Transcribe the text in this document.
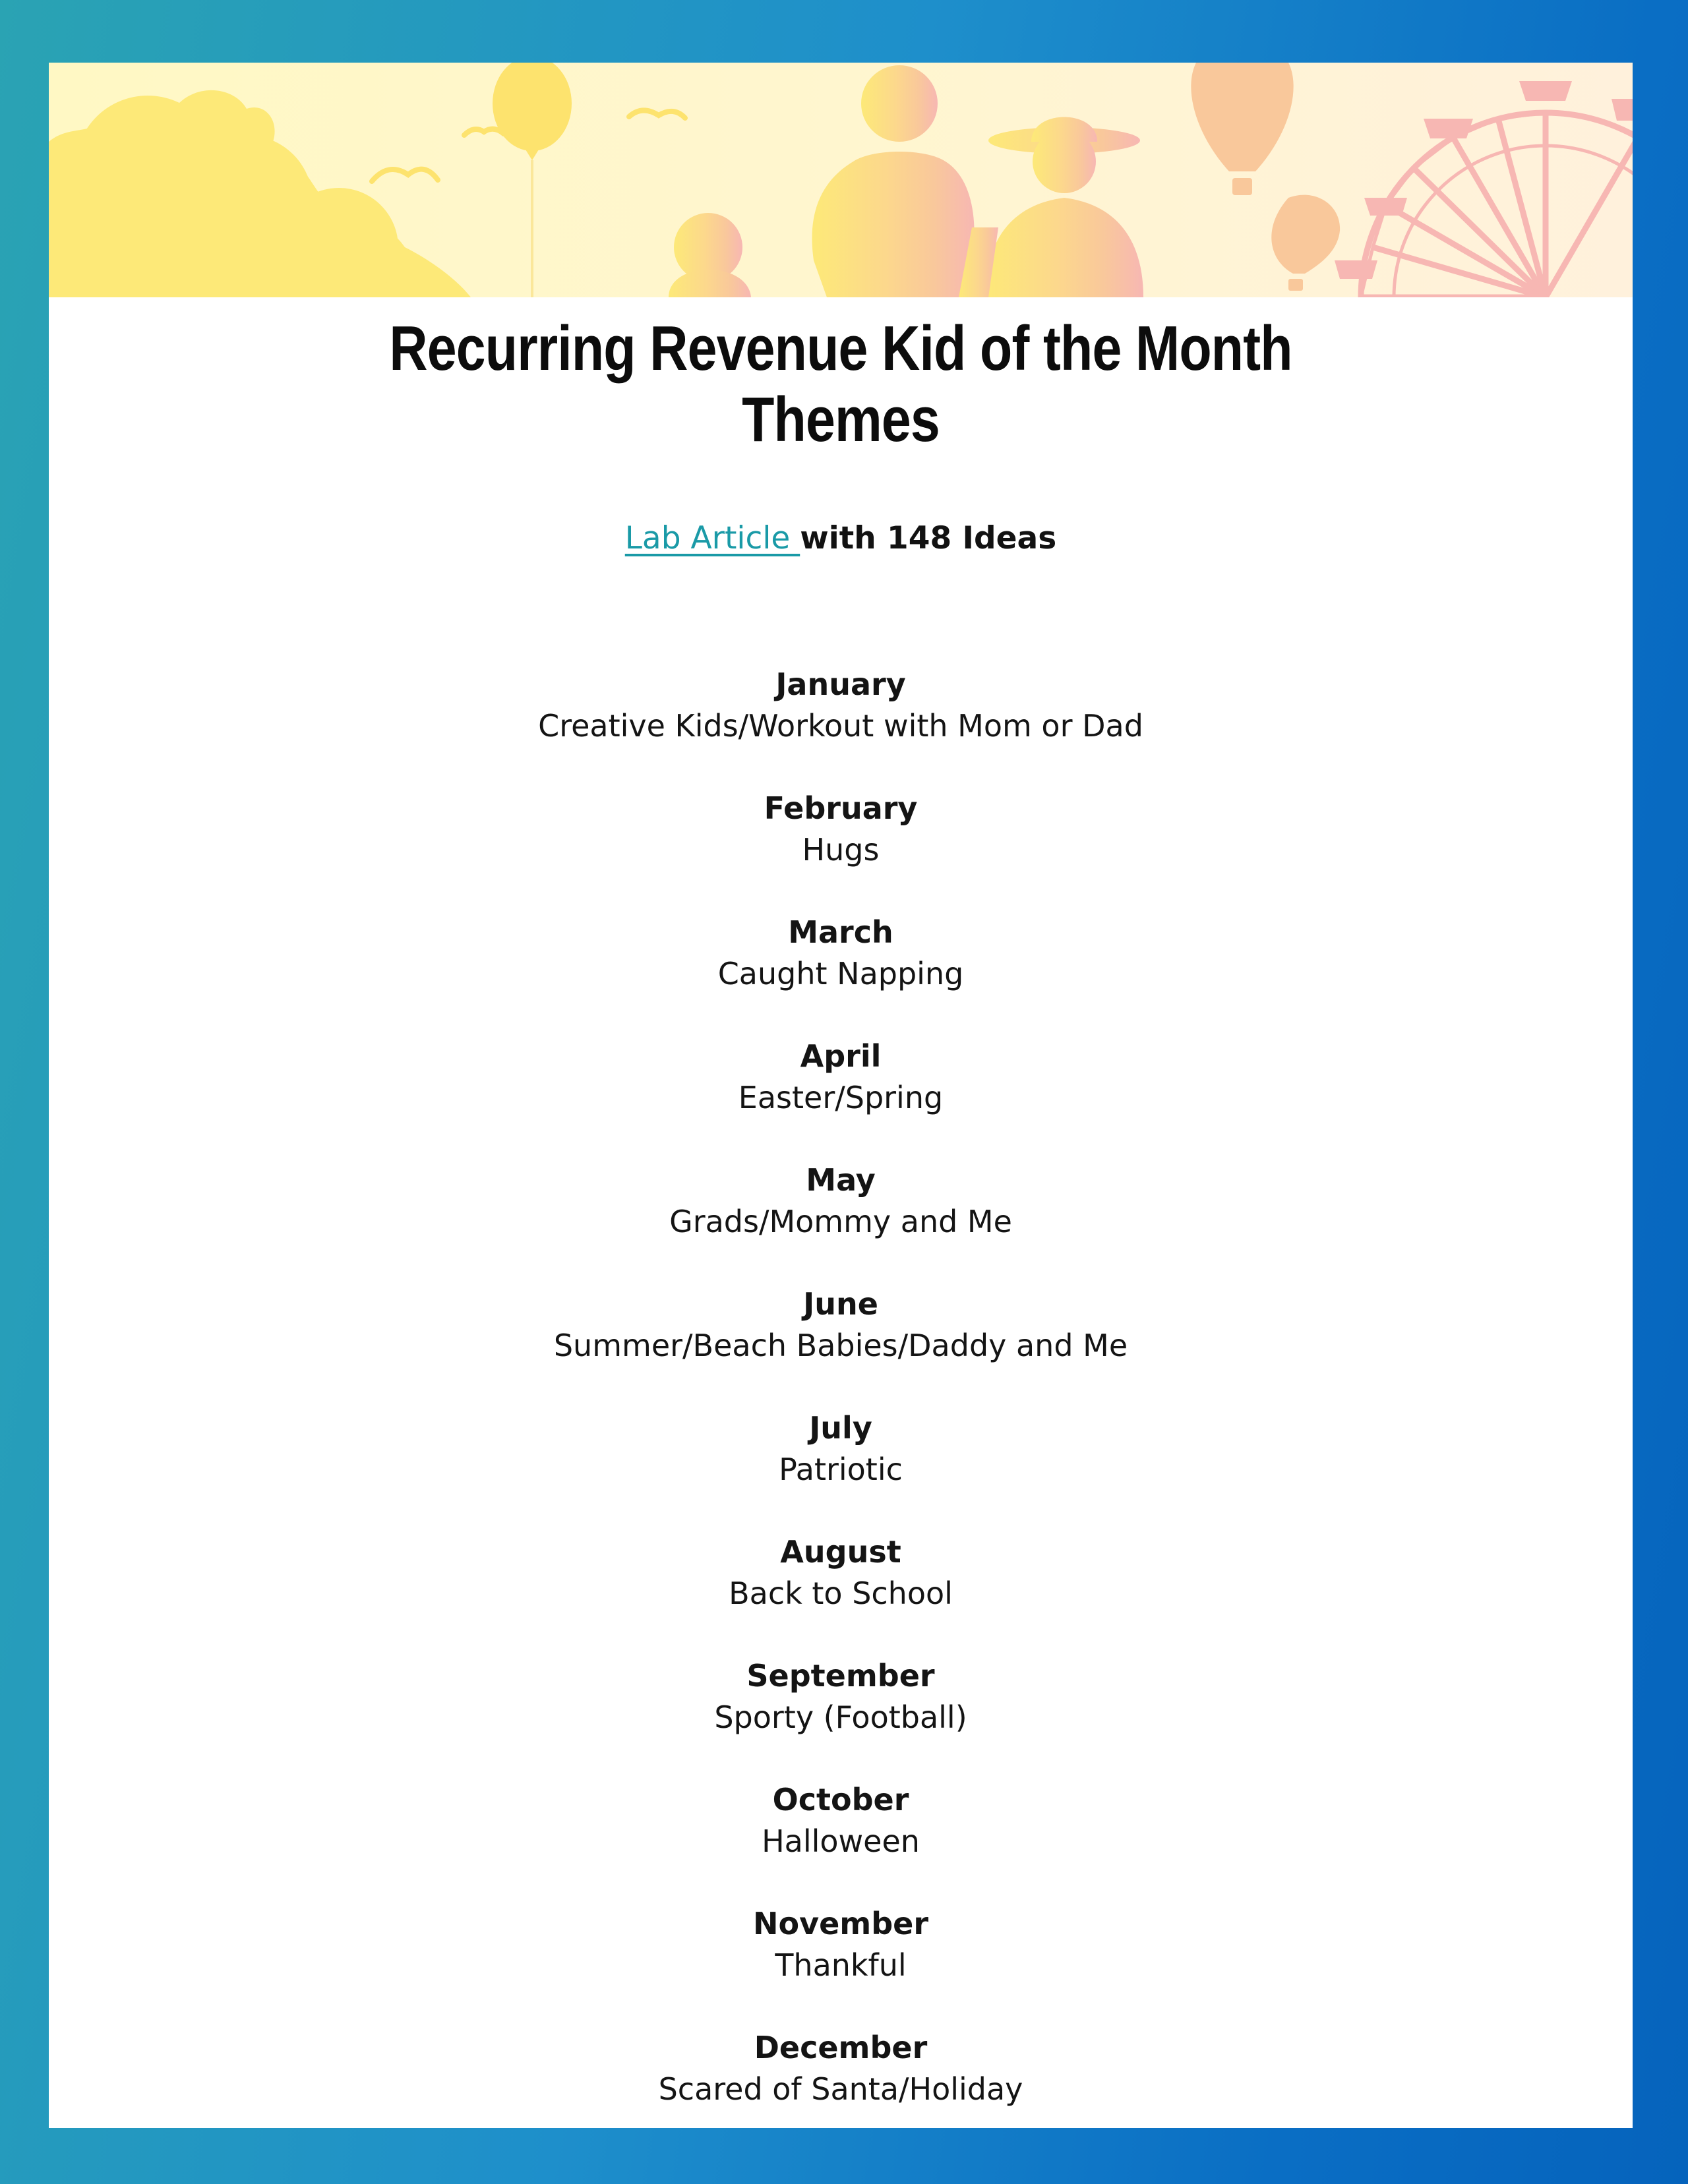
Recurring Revenue Kid of the Month
Themes
Lab Article with 148 Ideas
January
Creative Kids/Workout with Mom or Dad
February
Hugs
March
Caught Napping
April
Easter/Spring
May
Grads/Mommy and Me
June
Summer/Beach Babies/Daddy and Me
July
Patriotic
August
Back to School
September
Sporty (Football)
October
Halloween
November
Thankful
December
Scared of Santa/Holiday
